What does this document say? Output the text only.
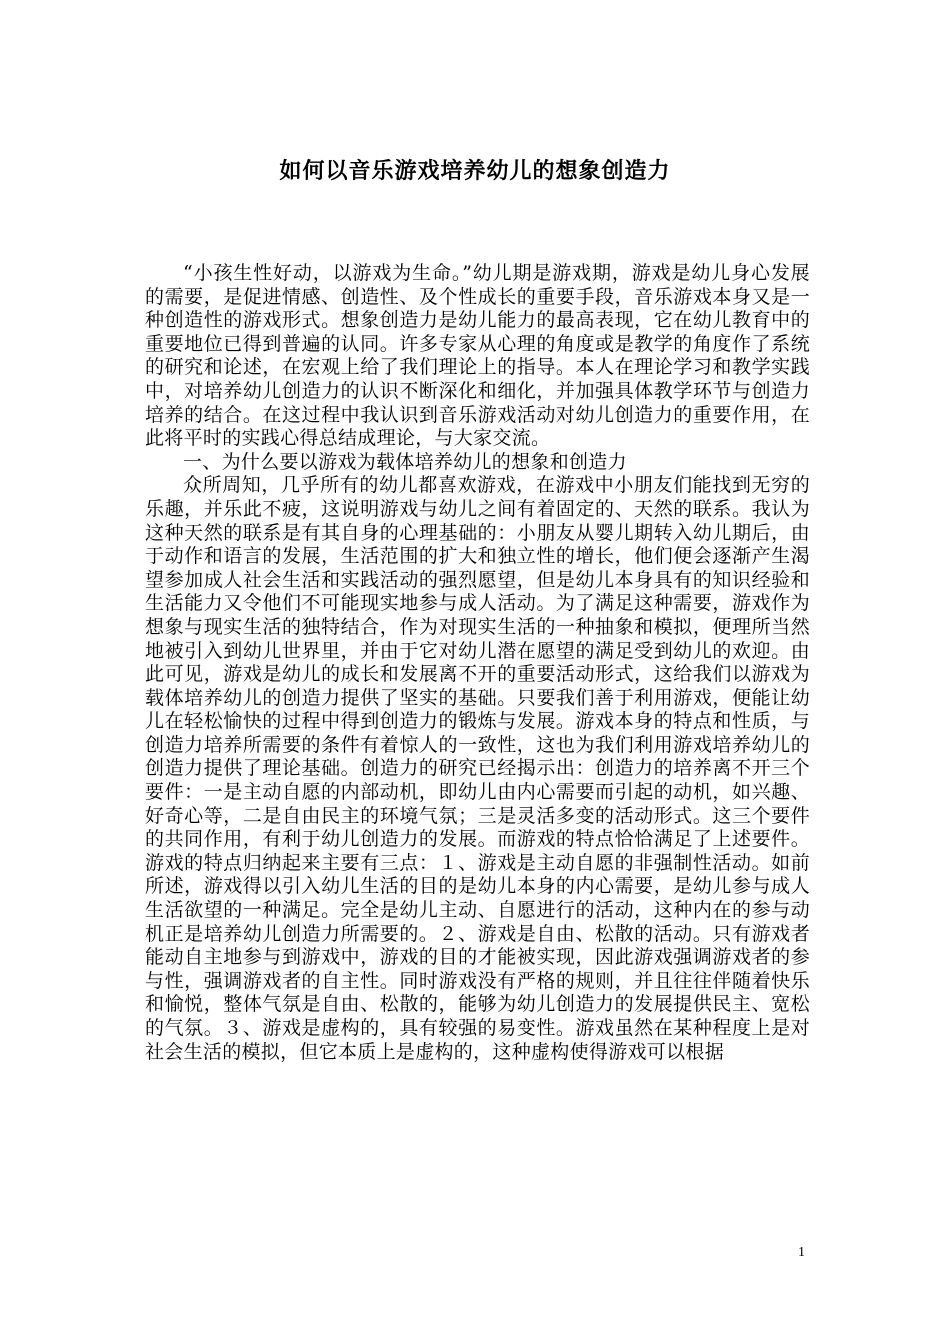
如何以音乐游戏培养幼儿的想象创造力

“小孩生性好动，以游戏为生命。”幼儿期是游戏期，游戏是幼儿身心发展的需要，是促进情感、创造性、及个性成长的重要手段，音乐游戏本身又是一种创造性的游戏形式。想象创造力是幼儿能力的最高表现，它在幼儿教育中的重要地位已得到普遍的认同。许多专家从心理的角度或是教学的角度作了系统的研究和论述，在宏观上给了我们理论上的指导。本人在理论学习和教学实践中，对培养幼儿创造力的认识不断深化和细化，并加强具体教学环节与创造力培养的结合。在这过程中我认识到音乐游戏活动对幼儿创造力的重要作用，在此将平时的实践心得总结成理论，与大家交流。

一、为什么要以游戏为载体培养幼儿的想象和创造力

众所周知，几乎所有的幼儿都喜欢游戏，在游戏中小朋友们能找到无穷的乐趣，并乐此不疲，这说明游戏与幼儿之间有着固定的、天然的联系。我认为这种天然的联系是有其自身的心理基础的：小朋友从婴儿期转入幼儿期后，由于动作和语言的发展，生活范围的扩大和独立性的增长，他们便会逐渐产生渴望参加成人社会生活和实践活动的强烈愿望，但是幼儿本身具有的知识经验和生活能力又令他们不可能现实地参与成人活动。为了满足这种需要，游戏作为想象与现实生活的独特结合，作为对现实生活的一种抽象和模拟，便理所当然地被引入到幼儿世界里，并由于它对幼儿潜在愿望的满足受到幼儿的欢迎。由此可见，游戏是幼儿的成长和发展离不开的重要活动形式，这给我们以游戏为载体培养幼儿的创造力提供了坚实的基础。只要我们善于利用游戏，便能让幼儿在轻松愉快的过程中得到创造力的锻炼与发展。游戏本身的特点和性质，与创造力培养所需要的条件有着惊人的一致性，这也为我们利用游戏培养幼儿的创造力提供了理论基础。创造力的研究已经揭示出：创造力的培养离不开三个要件：一是主动自愿的内部动机，即幼儿由内心需要而引起的动机，如兴趣、好奇心等，二是自由民主的环境气氛；三是灵活多变的活动形式。这三个要件的共同作用，有利于幼儿创造力的发展。而游戏的特点恰恰满足了上述要件。游戏的特点归纳起来主要有三点：１、游戏是主动自愿的非强制性活动。如前所述，游戏得以引入幼儿生活的目的是幼儿本身的内心需要，是幼儿参与成人生活欲望的一种满足。完全是幼儿主动、自愿进行的活动，这种内在的参与动机正是培养幼儿创造力所需要的。２、游戏是自由、松散的活动。只有游戏者能动自主地参与到游戏中，游戏的目的才能被实现，因此游戏强调游戏者的参与性，强调游戏者的自主性。同时游戏没有严格的规则，并且往往伴随着快乐和愉悦，整体气氛是自由、松散的，能够为幼儿创造力的发展提供民主、宽松的气氛。３、游戏是虚构的，具有较强的易变性。游戏虽然在某种程度上是对社会生活的模拟，但它本质上是虚构的，这种虚构使得游戏可以根据

1
